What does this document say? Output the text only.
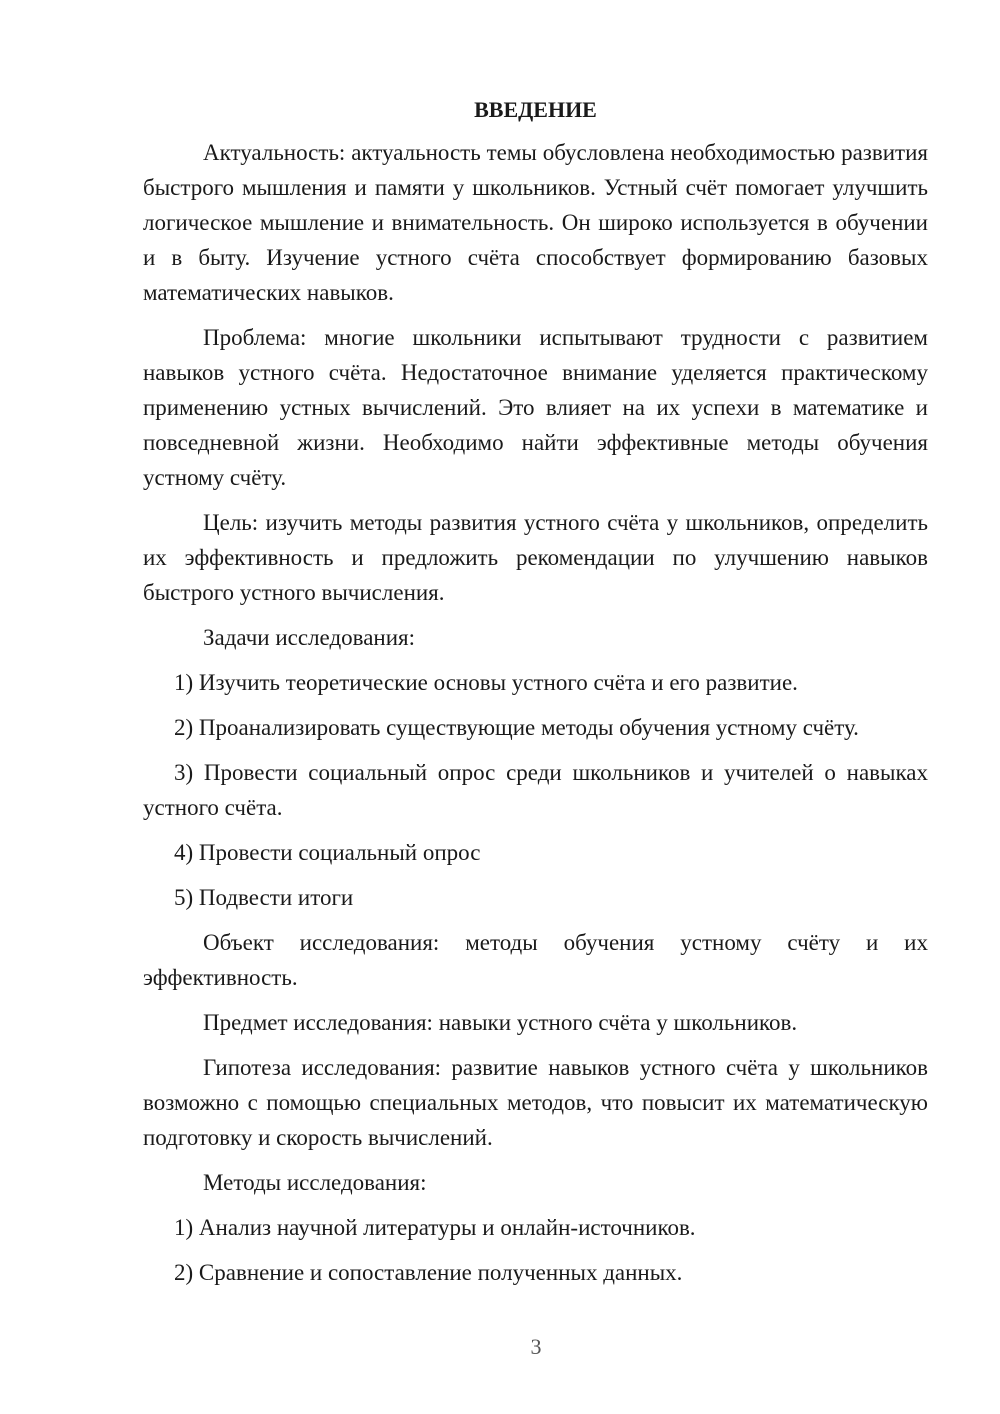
ВВЕДЕНИЕ

Актуальность: актуальность темы обусловлена необходимостью развития быстрого мышления и памяти у школьников. Устный счёт помогает улучшить логическое мышление и внимательность. Он широко используется в обучении и в быту. Изучение устного счёта способствует формированию базовых математических навыков.

Проблема: многие школьники испытывают трудности с развитием навыков устного счёта. Недостаточное внимание уделяется практическому применению устных вычислений. Это влияет на их успехи в математике и повседневной жизни. Необходимо найти эффективные методы обучения устному счёту.

Цель: изучить методы развития устного счёта у школьников, определить их эффективность и предложить рекомендации по улучшению навыков быстрого устного вычисления.

Задачи исследования:

1) Изучить теоретические основы устного счёта и его развитие.

2) Проанализировать существующие методы обучения устному счёту.

3) Провести социальный опрос среди школьников и учителей о навыках устного счёта.

4) Провести социальный опрос

5) Подвести итоги

Объект исследования: методы обучения устному счёту и их эффективность.

Предмет исследования: навыки устного счёта у школьников.

Гипотеза исследования: развитие навыков устного счёта у школьников возможно с помощью специальных методов, что повысит их математическую подготовку и скорость вычислений.

Методы исследования:

1) Анализ научной литературы и онлайн-источников.

2) Сравнение и сопоставление полученных данных.

3
